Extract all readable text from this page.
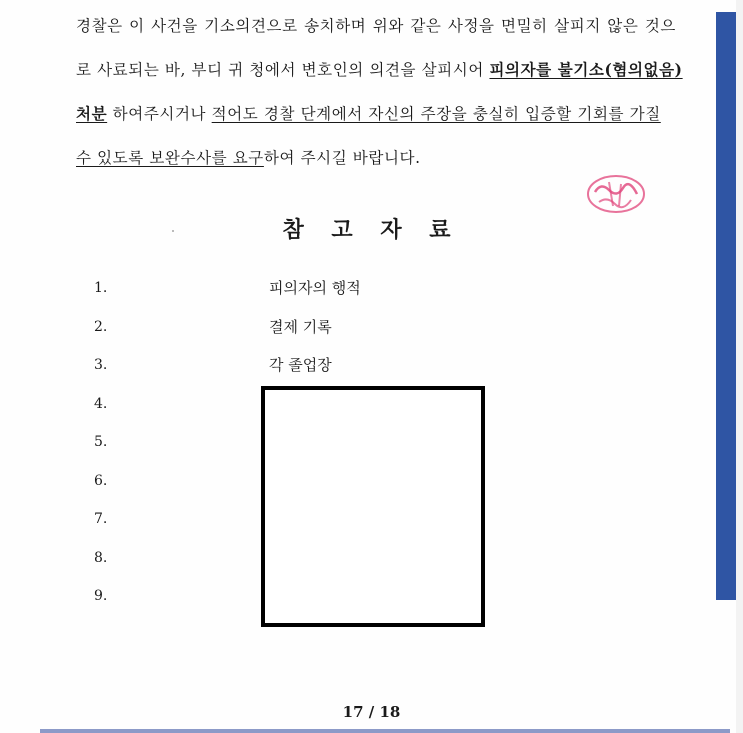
경찰은 이 사건을 기소의견으로 송치하며 위와 같은 사정을 면밀히 살피지 않은 것으
로 사료되는 바, 부디 귀 청에서 변호인의 의견을 살피시어 피의자를 불기소(혐의없음)
처분 하여주시거나 적어도 경찰 단계에서 자신의 주장을 충실히 입증할 기회를 가질
수 있도록 보완수사를 요구하여 주시길 바랍니다.
참 고 자 료
1.	피의자의 행적
2.	결제 기록
3.	각 졸업장
4.
5.
6.
7.
8.
9.
17 / 18
